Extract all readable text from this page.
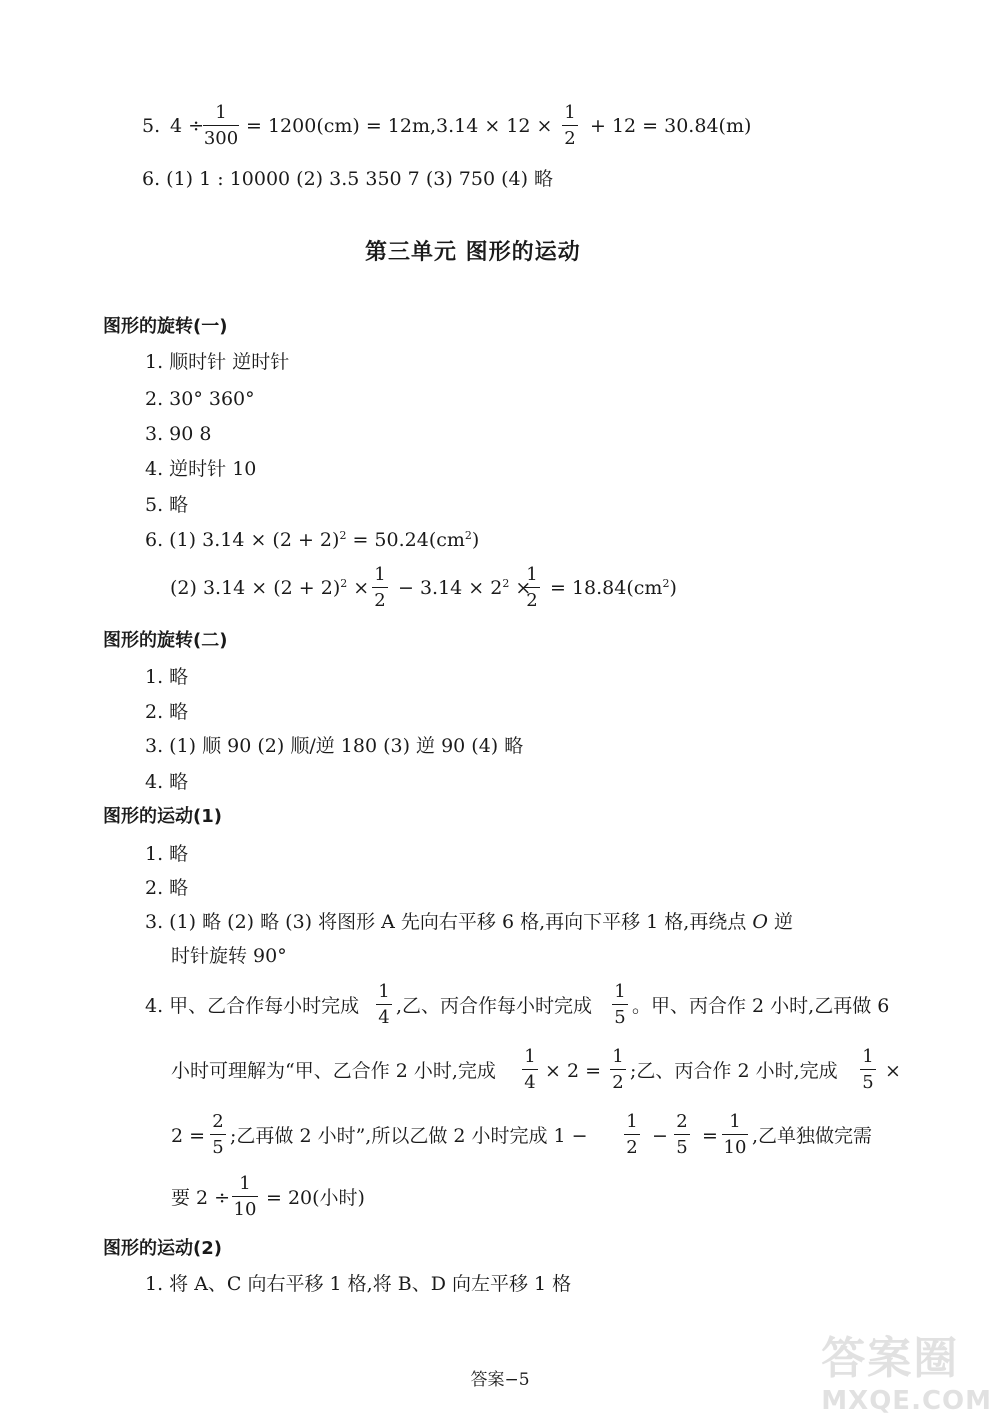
5. 4 ÷
1
300
= 1200(cm) = 12m,3.14 × 12 ×
1
2
+ 12 = 30.84(m)
6. (1) 1 : 10000 (2) 3.5 350 7 (3) 750 (4) 略
第三单元 图形的运动
图形的旋转(一)
1. 顺时针 逆时针
2. 30° 360°
3. 90 8
4. 逆时针 10
5. 略
6. (1) $3.14 \times (2 + 2)^2 = 50.24(cm^2)$
(2) $3.14 \times (2 + 2)^2$ ×
1
2
− $3.14 \times 2^2$ ×
1
2
= $18.84(cm^2)$
图形的旋转(二)
1. 略
2. 略
3. (1) 顺 90 (2) 顺/逆 180 (3) 逆 90 (4) 略
4. 略
图形的运动(1)
1. 略
2. 略
3. (1) 略 (2) 略 (3) 将图形 A 先向右平移 6 格,再向下平移 1 格,再绕点 O 逆
时针旋转 90°
4. 甲、乙合作每小时完成
1
4
,乙、丙合作每小时完成
1
5
。甲、丙合作 2 小时,乙再做 6
小时可理解为“甲、乙合作 2 小时,完成
1
4
× 2 =
1
2
;乙、丙合作 2 小时,完成
1
5
×
2 =
2
5
;乙再做 2 小时”,所以乙做 2 小时完成 1 −
1
2
−
2
5
=
1
10
,乙单独做完需
要 2 ÷
1
10
= 20(小时)
图形的运动(2)
1. 将 A、C 向右平移 1 格,将 B、D 向左平移 1 格
答案−5	答案圈
MXQE.COM
